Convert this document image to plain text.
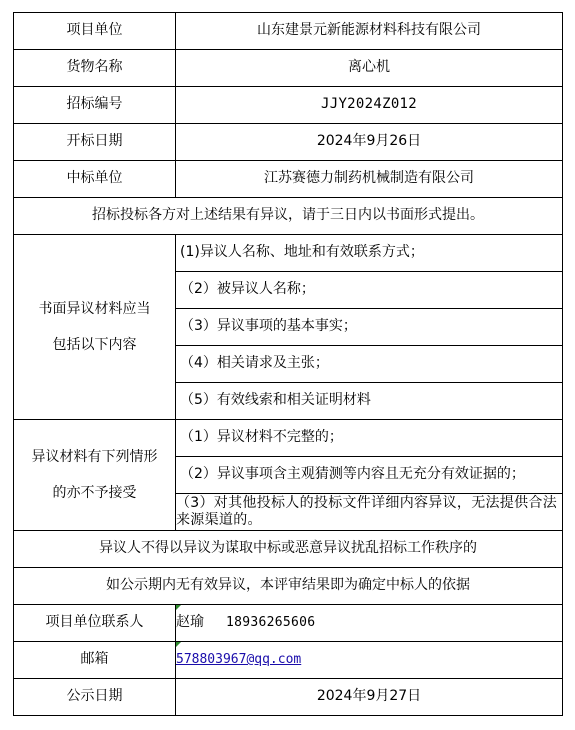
项目单位	山东建景元新能源材料科技有限公司
货物名称	离心机
招标编号	JJY2024Z012
开标日期	2024年9月26日
中标单位	江苏赛德力制药机械制造有限公司
招标投标各方对上述结果有异议，请于三日内以书面形式提出。	

书面异议材料应当
包括以下内容	(1)异议人名称、地址和有效联系方式；
	（2）被异议人名称；
	（3）异议事项的基本事实；
	（4）相关请求及主张；
	（5）有效线索和相关证明材料

异议材料有下列情形
的亦不予接受	（1）异议材料不完整的；
	（2）异议事项含主观猜测等内容且无充分有效证据的；
	（3）对其他投标人的投标文件详细内容异议，无法提供合法来源渠道的。
异议人不得以异议为谋取中标或恶意异议扰乱招标工作秩序的	
如公示期内无有效异议，本评审结果即为确定中标人的依据	
项目单位联系人	赵瑜 18936265606
邮箱	578803967@qq.com
公示日期	2024年9月27日
